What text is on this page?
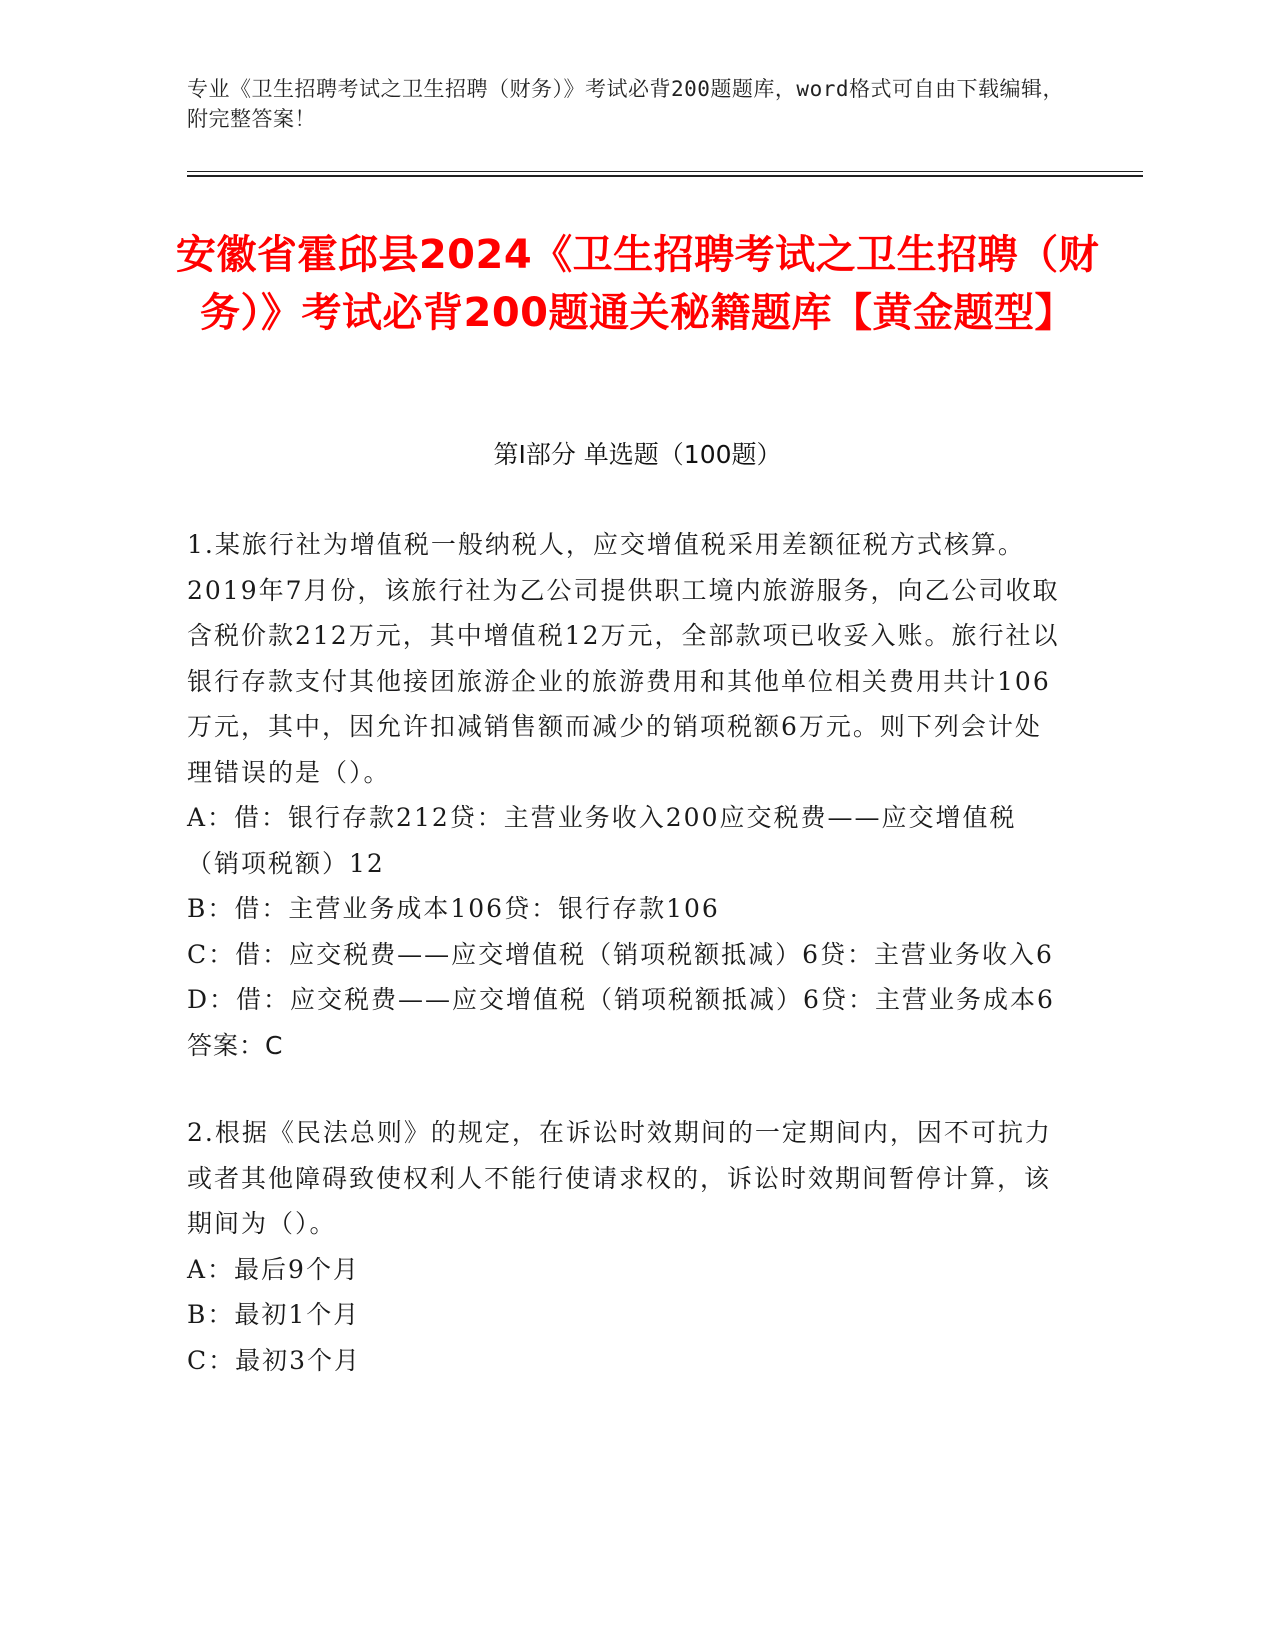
专业《卫生招聘考试之卫生招聘（财务）》考试必背200题题库，word格式可自由下载编辑，附完整答案！
安徽省霍邱县2024《卫生招聘考试之卫生招聘（财务）》考试必背200题通关秘籍题库【黄金题型】
第Ⅰ部分 单选题（100题）

1.某旅行社为增值税一般纳税人，应交增值税采用差额征税方式核算。2019年7月份，该旅行社为乙公司提供职工境内旅游服务，向乙公司收取含税价款212万元，其中增值税12万元，全部款项已收妥入账。旅行社以银行存款支付其他接团旅游企业的旅游费用和其他单位相关费用共计106万元，其中，因允许扣减销售额而减少的销项税额6万元。则下列会计处理错误的是（）。

A：借：银行存款212贷：主营业务收入200应交税费——应交增值税（销项税额）12

B：借：主营业务成本106贷：银行存款106

C：借：应交税费——应交增值税（销项税额抵减）6贷：主营业务收入6

D：借：应交税费——应交增值税（销项税额抵减）6贷：主营业务成本6

答案：C

2.根据《民法总则》的规定，在诉讼时效期间的一定期间内，因不可抗力或者其他障碍致使权利人不能行使请求权的，诉讼时效期间暂停计算，该期间为（）。

A：最后9个月

B：最初1个月

C：最初3个月
